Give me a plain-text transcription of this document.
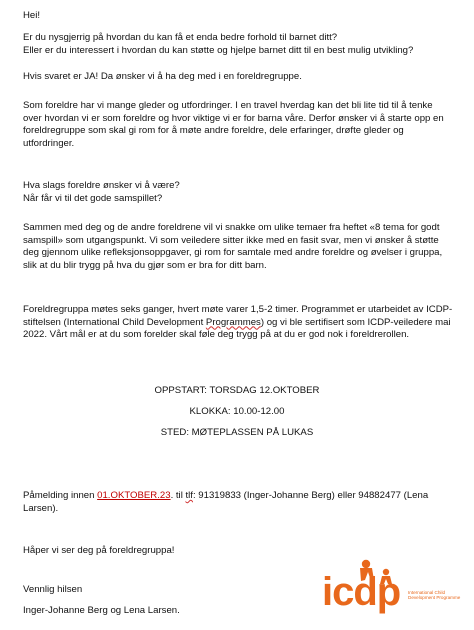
Hei!

Er du nysgjerrig på hvordan du kan få et enda bedre forhold til barnet ditt?

Eller er du interessert i hvordan du kan støtte og hjelpe barnet ditt til en best mulig utvikling?

Hvis svaret er JA! Da ønsker vi å ha deg med i en foreldregruppe.

Som foreldre har vi mange gleder og utfordringer. I en travel hverdag kan det bli lite tid til å tenke over hvordan vi er som foreldre og hvor viktige vi er for barna våre. Derfor ønsker vi å starte opp en foreldregruppe som skal gi rom for å møte andre foreldre, dele erfaringer, drøfte gleder og utfordringer.

Hva slags foreldre ønsker vi å være?

Når får vi til det gode samspillet?

Sammen med deg og de andre foreldrene vil vi snakke om ulike temaer fra heftet «8 tema for godt samspill» som utgangspunkt. Vi som veiledere sitter ikke med en fasit svar, men vi ønsker å støtte deg gjennom ulike refleksjonsoppgaver, gi rom for samtale med andre foreldre og øvelser i gruppa, slik at du blir trygg på hva du gjør som er bra for ditt barn.

Foreldregruppa møtes seks ganger, hvert møte varer 1,5-2 timer. Programmet er utarbeidet av ICDP-stiftelsen (International Child Development Programmes) og vi ble sertifisert som ICDP-veiledere mai 2022. Vårt mål er at du som forelder skal føle deg trygg på at du er god nok i foreldrerollen.

OPPSTART: TORSDAG 12.OKTOBER
KLOKKA: 10.00-12.00
STED: MØTEPLASSEN PÅ LUKAS

Påmelding innen 01.OKTOBER.23. til tlf: 91319833 (Inger-Johanne Berg) eller 94882477 (Lena Larsen).

Håper vi ser deg på foreldregruppa!

Vennlig hilsen

Inger-Johanne Berg og Lena Larsen.	icdp International Child Development Programme
